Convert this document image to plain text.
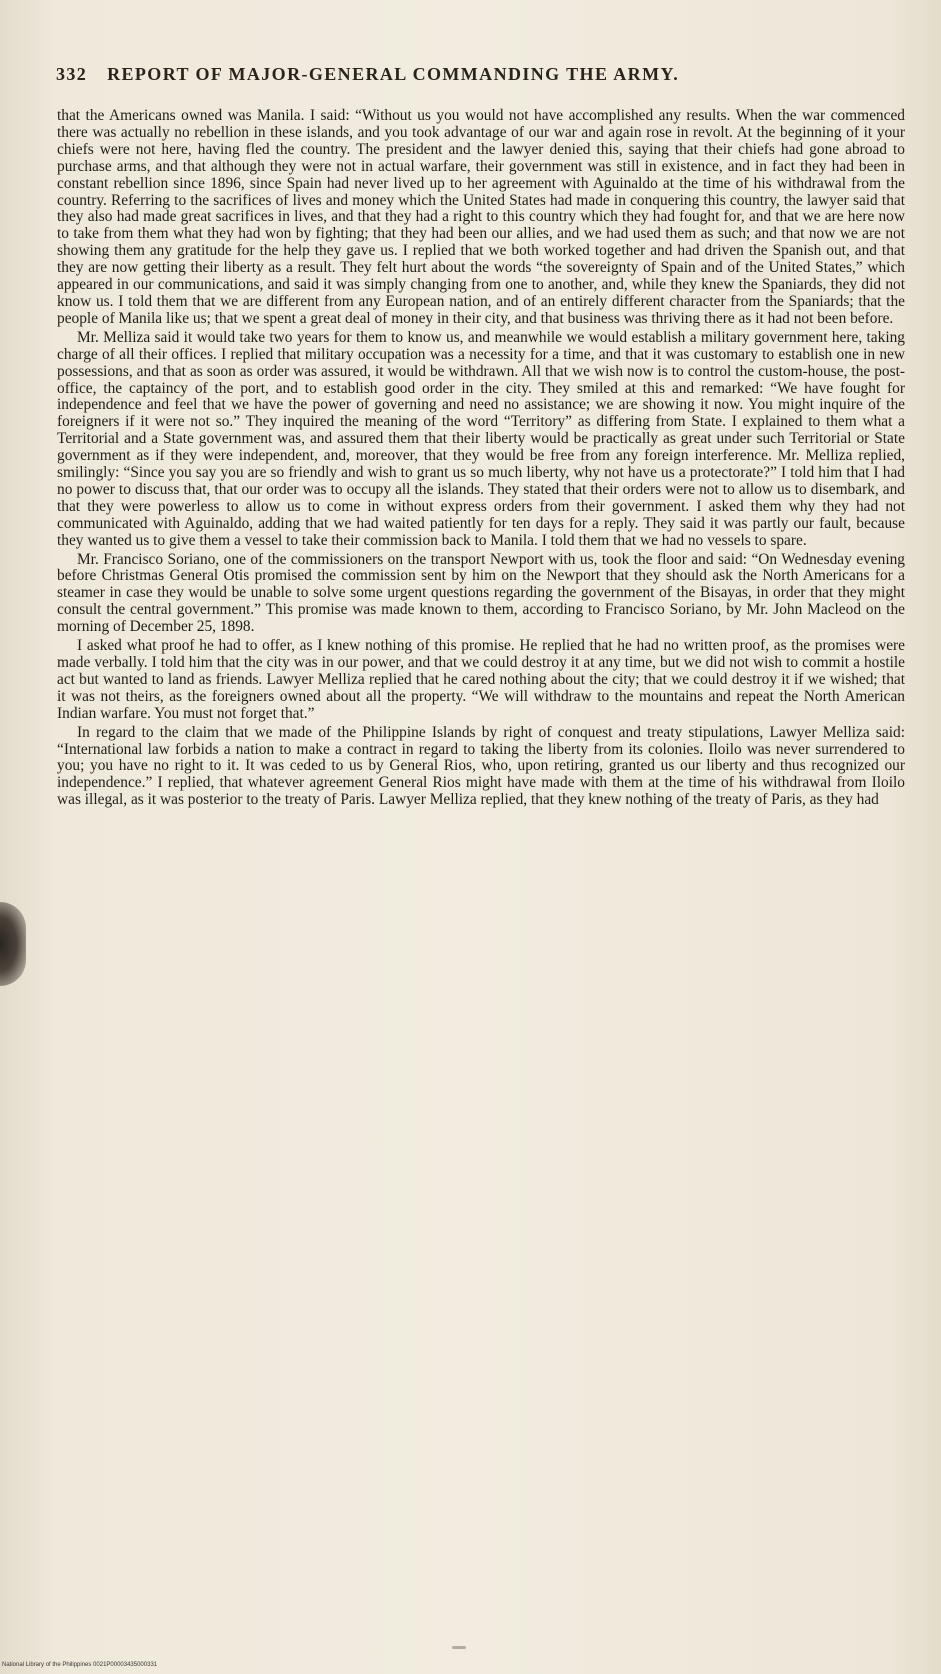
332 REPORT OF MAJOR-GENERAL COMMANDING THE ARMY.

that the Americans owned was Manila. I said: “Without us you would not have accomplished any results. When the war commenced there was actually no rebellion in these islands, and you took advantage of our war and again rose in revolt. At the beginning of it your chiefs were not here, having fled the country. The president and the lawyer denied this, saying that their chiefs had gone abroad to purchase arms, and that although they were not in actual warfare, their government was still in existence, and in fact they had been in constant rebellion since 1896, since Spain had never lived up to her agreement with Aguinaldo at the time of his withdrawal from the country. Referring to the sacrifices of lives and money which the United States had made in conquering this country, the lawyer said that they also had made great sacrifices in lives, and that they had a right to this country which they had fought for, and that we are here now to take from them what they had won by fighting; that they had been our allies, and we had used them as such; and that now we are not showing them any gratitude for the help they gave us. I replied that we both worked together and had driven the Spanish out, and that they are now getting their liberty as a result. They felt hurt about the words “the sovereignty of Spain and of the United States,” which appeared in our communications, and said it was simply changing from one to another, and, while they knew the Spaniards, they did not know us. I told them that we are different from any European nation, and of an entirely different character from the Spaniards; that the people of Manila like us; that we spent a great deal of money in their city, and that business was thriving there as it had not been before.

Mr. Melliza said it would take two years for them to know us, and meanwhile we would establish a military government here, taking charge of all their offices. I replied that military occupation was a necessity for a time, and that it was customary to establish one in new possessions, and that as soon as order was assured, it would be withdrawn. All that we wish now is to control the custom-house, the post-office, the captaincy of the port, and to establish good order in the city. They smiled at this and remarked: “We have fought for independence and feel that we have the power of governing and need no assistance; we are showing it now. You might inquire of the foreigners if it were not so.” They inquired the meaning of the word “Territory” as differing from State. I explained to them what a Territorial and a State government was, and assured them that their liberty would be practically as great under such Territorial or State government as if they were independent, and, moreover, that they would be free from any foreign interference. Mr. Melliza replied, smilingly: “Since you say you are so friendly and wish to grant us so much liberty, why not have us a protectorate?” I told him that I had no power to discuss that, that our order was to occupy all the islands. They stated that their orders were not to allow us to disembark, and that they were powerless to allow us to come in without express orders from their government. I asked them why they had not communicated with Aguinaldo, adding that we had waited patiently for ten days for a reply. They said it was partly our fault, because they wanted us to give them a vessel to take their commission back to Manila. I told them that we had no vessels to spare.

Mr. Francisco Soriano, one of the commissioners on the transport Newport with us, took the floor and said: “On Wednesday evening before Christmas General Otis promised the commission sent by him on the Newport that they should ask the North Americans for a steamer in case they would be unable to solve some urgent questions regarding the government of the Bisayas, in order that they might consult the central government.” This promise was made known to them, according to Francisco Soriano, by Mr. John Macleod on the morning of December 25, 1898.

I asked what proof he had to offer, as I knew nothing of this promise. He replied that he had no written proof, as the promises were made verbally. I told him that the city was in our power, and that we could destroy it at any time, but we did not wish to commit a hostile act but wanted to land as friends. Lawyer Melliza replied that he cared nothing about the city; that we could destroy it if we wished; that it was not theirs, as the foreigners owned about all the property. “We will withdraw to the mountains and repeat the North American Indian warfare. You must not forget that.”

In regard to the claim that we made of the Philippine Islands by right of conquest and treaty stipulations, Lawyer Melliza said: “International law forbids a nation to make a contract in regard to taking the liberty from its colonies. Iloilo was never surrendered to you; you have no right to it. It was ceded to us by General Rios, who, upon retiring, granted us our liberty and thus recognized our independence.” I replied, that whatever agreement General Rios might have made with them at the time of his withdrawal from Iloilo was illegal, as it was posterior to the treaty of Paris. Lawyer Melliza replied, that they knew nothing of the treaty of Paris, as they had

National Library of the Philippines 0021P00003435000331
